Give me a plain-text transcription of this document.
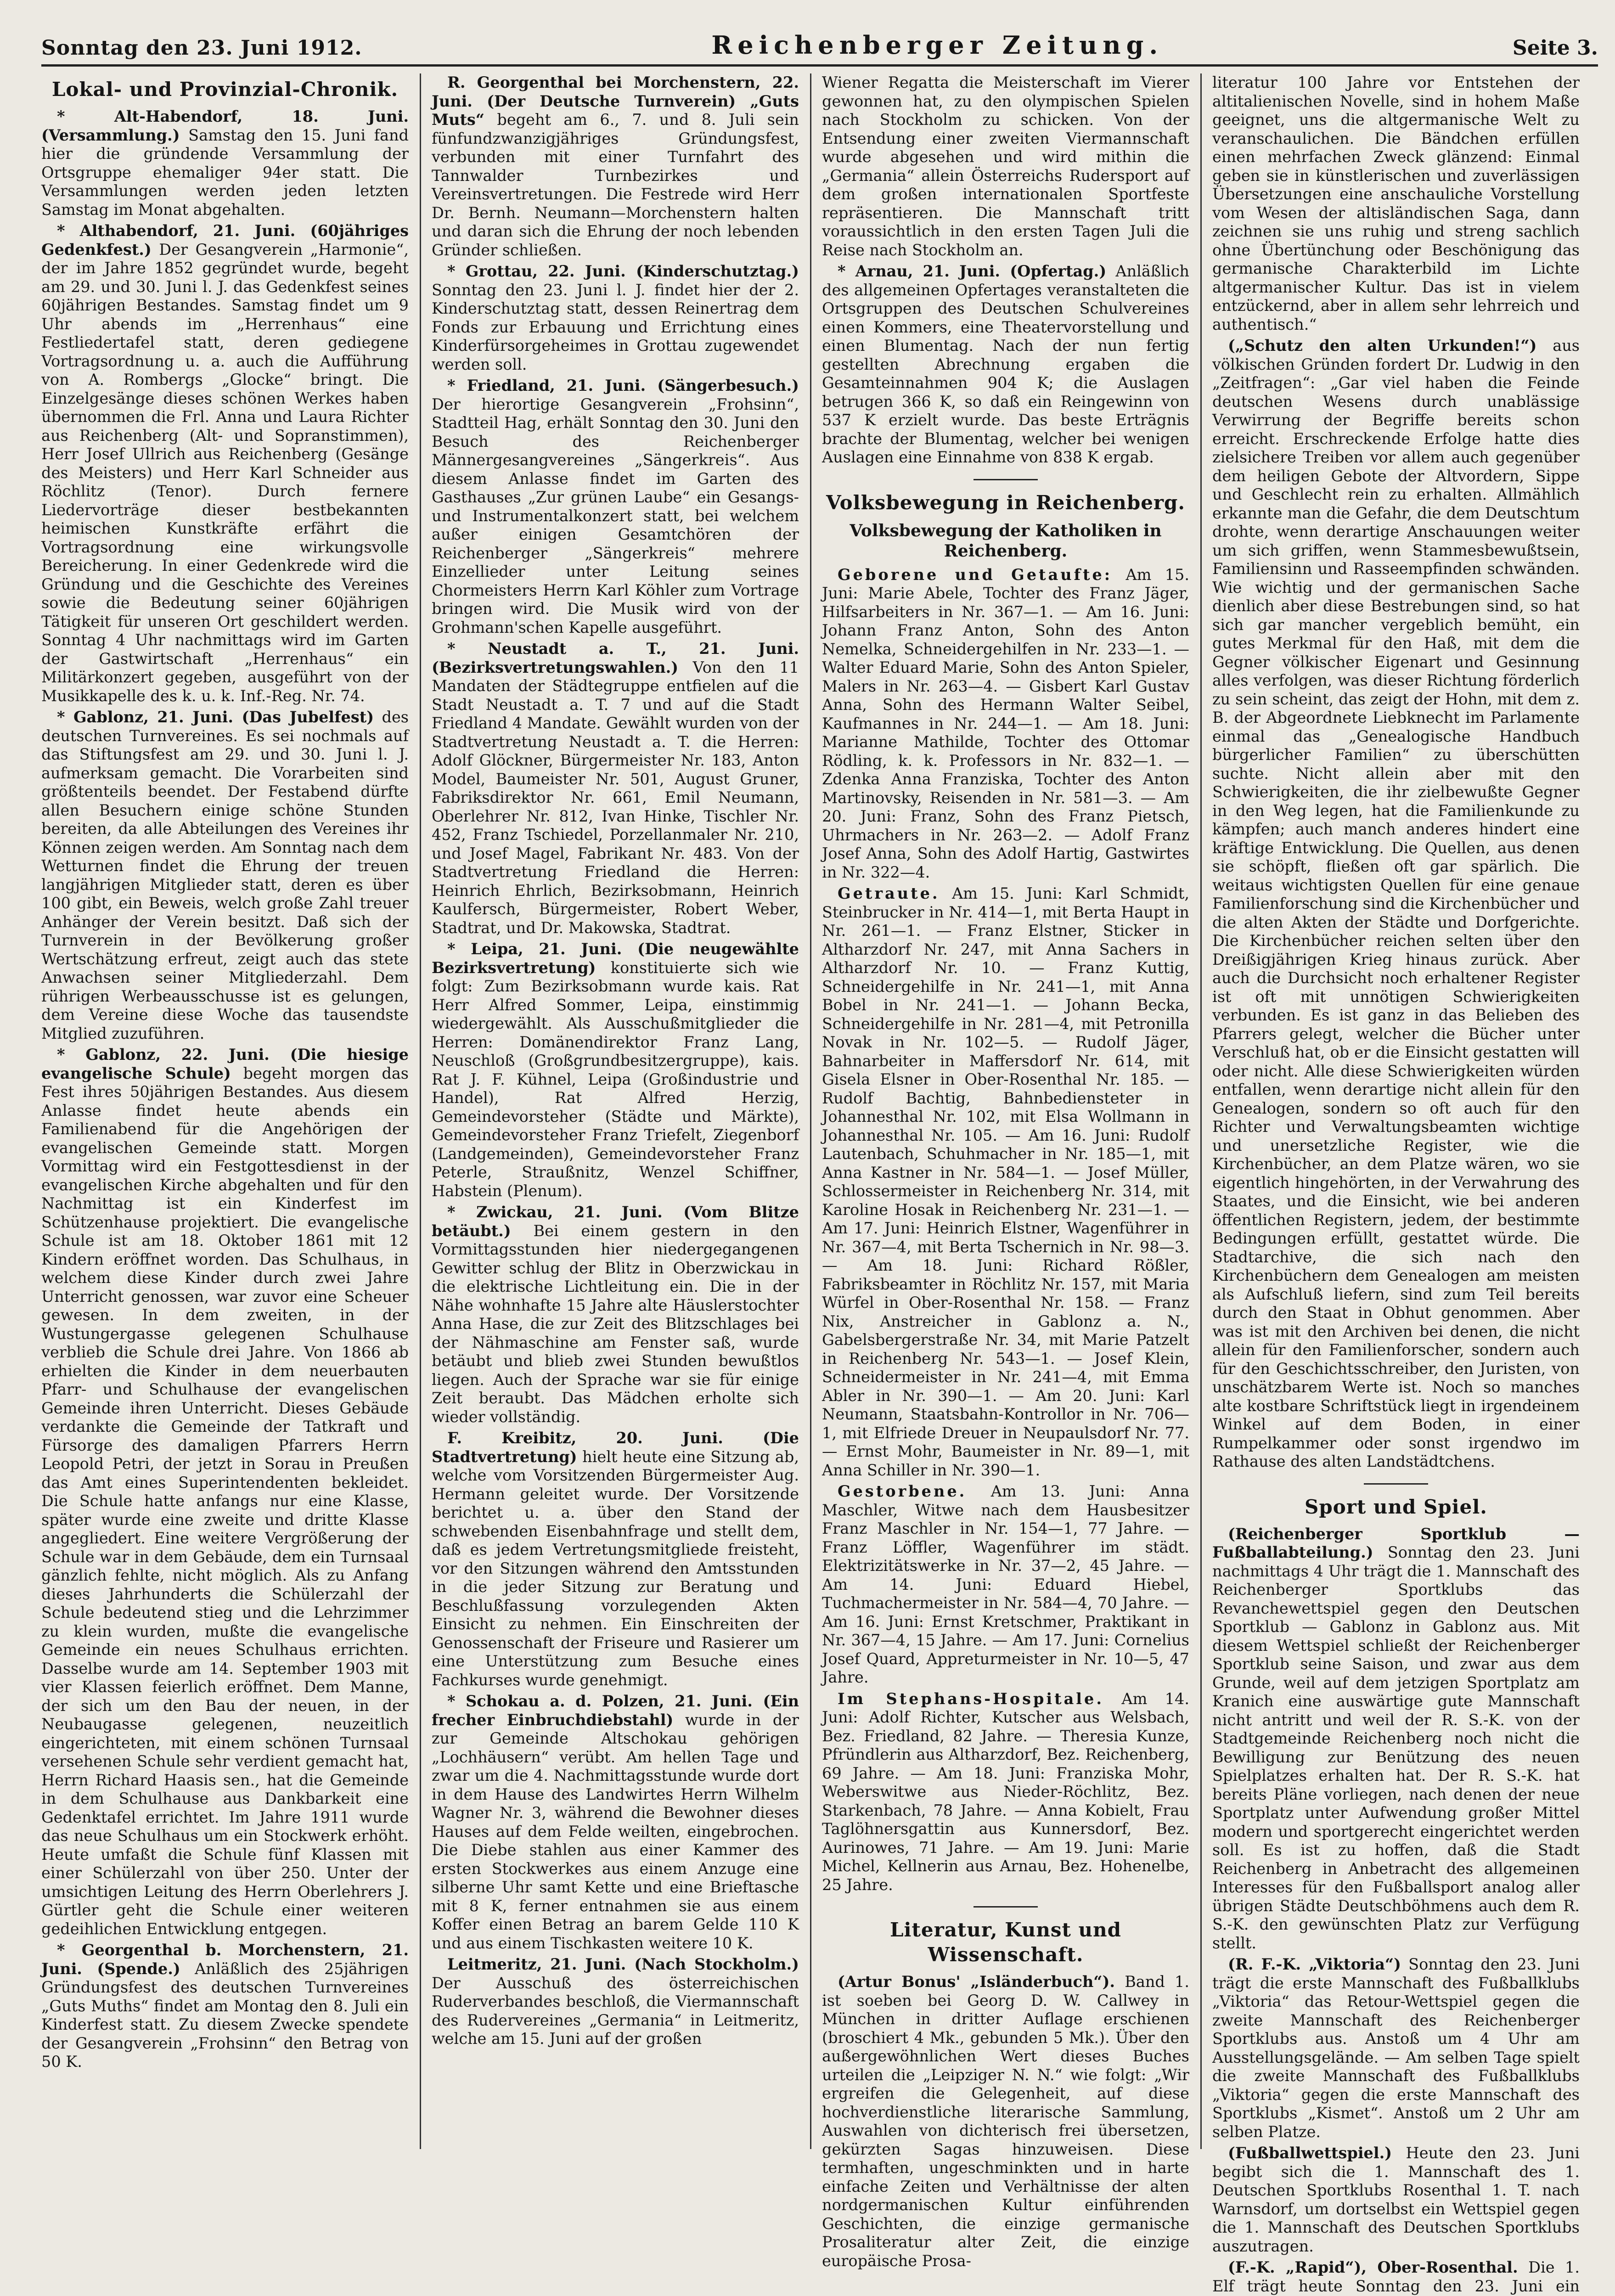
Sonntag den 23. Juni 1912.	Reichenberger Zeitung.	Seite 3.
Lokal- und Provinzial-Chronik.

* Alt-Habendorf, 18. Juni. (Versammlung.) Samstag den 15. Juni fand hier die gründende Versammlung der Ortsgruppe ehemaliger 94er statt. Die Versammlungen werden jeden letzten Samstag im Monat abgehalten.

* Althabendorf, 21. Juni. (60jähriges Gedenkfest.) Der Gesangverein „Harmonie“, der im Jahre 1852 gegründet wurde, begeht am 29. und 30. Juni l. J. das Gedenkfest seines 60jährigen Bestandes. Samstag findet um 9 Uhr abends im „Herrenhaus“ eine Festliedertafel statt, deren gediegene Vortragsordnung u. a. auch die Aufführung von A. Rombergs „Glocke“ bringt. Die Einzelgesänge dieses schönen Werkes haben übernommen die Frl. Anna und Laura Richter aus Reichenberg (Alt- und Sopranstimmen), Herr Josef Ullrich aus Reichenberg (Gesänge des Meisters) und Herr Karl Schneider aus Röchlitz (Tenor). Durch fernere Liedervorträge dieser bestbekannten heimischen Kunstkräfte erfährt die Vortragsordnung eine wirkungsvolle Bereicherung. In einer Gedenkrede wird die Gründung und die Geschichte des Vereines sowie die Bedeutung seiner 60jährigen Tätigkeit für unseren Ort geschildert werden. Sonntag 4 Uhr nachmittags wird im Garten der Gastwirtschaft „Herrenhaus“ ein Militärkonzert gegeben, ausgeführt von der Musikkapelle des k. u. k. Inf.-Reg. Nr. 74.

* Gablonz, 21. Juni. (Das Jubelfest) des deutschen Turnvereines. Es sei nochmals auf das Stiftungsfest am 29. und 30. Juni l. J. aufmerksam gemacht. Die Vorarbeiten sind größtenteils beendet. Der Festabend dürfte allen Besuchern einige schöne Stunden bereiten, da alle Abteilungen des Vereines ihr Können zeigen werden. Am Sonntag nach dem Wetturnen findet die Ehrung der treuen langjährigen Mitglieder statt, deren es über 100 gibt, ein Beweis, welch große Zahl treuer Anhänger der Verein besitzt. Daß sich der Turnverein in der Bevölkerung großer Wertschätzung erfreut, zeigt auch das stete Anwachsen seiner Mitgliederzahl. Dem rührigen Werbeausschusse ist es gelungen, dem Vereine diese Woche das tausendste Mitglied zuzuführen.

* Gablonz, 22. Juni. (Die hiesige evangelische Schule) begeht morgen das Fest ihres 50jährigen Bestandes. Aus diesem Anlasse findet heute abends ein Familienabend für die Angehörigen der evangelischen Gemeinde statt. Morgen Vormittag wird ein Festgottesdienst in der evangelischen Kirche abgehalten und für den Nachmittag ist ein Kinderfest im Schützenhause projektiert. Die evangelische Schule ist am 18. Oktober 1861 mit 12 Kindern eröffnet worden. Das Schulhaus, in welchem diese Kinder durch zwei Jahre Unterricht genossen, war zuvor eine Scheuer gewesen. In dem zweiten, in der Wustungergasse gelegenen Schulhause verblieb die Schule drei Jahre. Von 1866 ab erhielten die Kinder in dem neuerbauten Pfarr- und Schulhause der evangelischen Gemeinde ihren Unterricht. Dieses Gebäude verdankte die Gemeinde der Tatkraft und Fürsorge des damaligen Pfarrers Herrn Leopold Petri, der jetzt in Sorau in Preußen das Amt eines Superintendenten bekleidet. Die Schule hatte anfangs nur eine Klasse, später wurde eine zweite und dritte Klasse angegliedert. Eine weitere Vergrößerung der Schule war in dem Gebäude, dem ein Turnsaal gänzlich fehlte, nicht möglich. Als zu Anfang dieses Jahrhunderts die Schülerzahl der Schule bedeutend stieg und die Lehrzimmer zu klein wurden, mußte die evangelische Gemeinde ein neues Schulhaus errichten. Dasselbe wurde am 14. September 1903 mit vier Klassen feierlich eröffnet. Dem Manne, der sich um den Bau der neuen, in der Neubaugasse gelegenen, neuzeitlich eingerichteten, mit einem schönen Turnsaal versehenen Schule sehr verdient gemacht hat, Herrn Richard Haasis sen., hat die Gemeinde in dem Schulhause aus Dankbarkeit eine Gedenktafel errichtet. Im Jahre 1911 wurde das neue Schulhaus um ein Stockwerk erhöht. Heute umfaßt die Schule fünf Klassen mit einer Schülerzahl von über 250. Unter der umsichtigen Leitung des Herrn Oberlehrers J. Gürtler geht die Schule einer weiteren gedeihlichen Entwicklung entgegen.

* Georgenthal b. Morchenstern, 21. Juni. (Spende.) Anläßlich des 25jährigen Gründungsfest des deutschen Turnvereines „Guts Muths“ findet am Montag den 8. Juli ein Kinderfest statt. Zu diesem Zwecke spendete der Gesangverein „Frohsinn“ den Betrag von 50 K.

R. Georgenthal bei Morchenstern, 22. Juni. (Der Deutsche Turnverein) „Guts Muts“ begeht am 6., 7. und 8. Juli sein fünfundzwanzigjähriges Gründungsfest, verbunden mit einer Turnfahrt des Tannwalder Turnbezirkes und Vereinsvertretungen. Die Festrede wird Herr Dr. Bernh. Neumann—Morchenstern halten und daran sich die Ehrung der noch lebenden Gründer schließen.

* Grottau, 22. Juni. (Kinderschutztag.) Sonntag den 23. Juni l. J. findet hier der 2. Kinderschutztag statt, dessen Reinertrag dem Fonds zur Erbauung und Errichtung eines Kinderfürsorgeheimes in Grottau zugewendet werden soll.

* Friedland, 21. Juni. (Sängerbesuch.) Der hierortige Gesangverein „Frohsinn“, Stadtteil Hag, erhält Sonntag den 30. Juni den Besuch des Reichenberger Männergesangvereines „Sängerkreis“. Aus diesem Anlasse findet im Garten des Gasthauses „Zur grünen Laube“ ein Gesangs- und Instrumentalkonzert statt, bei welchem außer einigen Gesamtchören der Reichenberger „Sängerkreis“ mehrere Einzellieder unter Leitung seines Chormeisters Herrn Karl Köhler zum Vortrage bringen wird. Die Musik wird von der Grohmann'schen Kapelle ausgeführt.

* Neustadt a. T., 21. Juni. (Bezirksvertretungswahlen.) Von den 11 Mandaten der Städtegruppe entfielen auf die Stadt Neustadt a. T. 7 und auf die Stadt Friedland 4 Mandate. Gewählt wurden von der Stadtvertretung Neustadt a. T. die Herren: Adolf Glöckner, Bürgermeister Nr. 183, Anton Model, Baumeister Nr. 501, August Gruner, Fabriksdirektor Nr. 661, Emil Neumann, Oberlehrer Nr. 812, Ivan Hinke, Tischler Nr. 452, Franz Tschiedel, Porzellanmaler Nr. 210, und Josef Magel, Fabrikant Nr. 483. Von der Stadtvertretung Friedland die Herren: Heinrich Ehrlich, Bezirksobmann, Heinrich Kaulfersch, Bürgermeister, Robert Weber, Stadtrat, und Dr. Makowska, Stadtrat.

* Leipa, 21. Juni. (Die neugewählte Bezirksvertretung) konstituierte sich wie folgt: Zum Bezirksobmann wurde kais. Rat Herr Alfred Sommer, Leipa, einstimmig wiedergewählt. Als Ausschußmitglieder die Herren: Domänendirektor Franz Lang, Neuschloß (Großgrundbesitzergruppe), kais. Rat J. F. Kühnel, Leipa (Großindustrie und Handel), Rat Alfred Herzig, Gemeindevorsteher (Städte und Märkte), Gemeindevorsteher Franz Triefelt, Ziegenborf (Landgemeinden), Gemeindevorsteher Franz Peterle, Straußnitz, Wenzel Schiffner, Habstein (Plenum).

* Zwickau, 21. Juni. (Vom Blitze betäubt.) Bei einem gestern in den Vormittagsstunden hier niedergegangenen Gewitter schlug der Blitz in Oberzwickau in die elektrische Lichtleitung ein. Die in der Nähe wohnhafte 15 Jahre alte Häuslerstochter Anna Hase, die zur Zeit des Blitzschlages bei der Nähmaschine am Fenster saß, wurde betäubt und blieb zwei Stunden bewußtlos liegen. Auch der Sprache war sie für einige Zeit beraubt. Das Mädchen erholte sich wieder vollständig.

F. Kreibitz, 20. Juni. (Die Stadtvertretung) hielt heute eine Sitzung ab, welche vom Vorsitzenden Bürgermeister Aug. Hermann geleitet wurde. Der Vorsitzende berichtet u. a. über den Stand der schwebenden Eisenbahnfrage und stellt dem, daß es jedem Vertretungsmitgliede freisteht, vor den Sitzungen während den Amtsstunden in die jeder Sitzung zur Beratung und Beschlußfassung vorzulegenden Akten Einsicht zu nehmen. Ein Einschreiten der Genossenschaft der Friseure und Rasierer um eine Unterstützung zum Besuche eines Fachkurses wurde genehmigt.

* Schokau a. d. Polzen, 21. Juni. (Ein frecher Einbruchdiebstahl) wurde in der zur Gemeinde Altschokau gehörigen „Lochhäusern“ verübt. Am hellen Tage und zwar um die 4. Nachmittagsstunde wurde dort in dem Hause des Landwirtes Herrn Wilhelm Wagner Nr. 3, während die Bewohner dieses Hauses auf dem Felde weilten, eingebrochen. Die Diebe stahlen aus einer Kammer des ersten Stockwerkes aus einem Anzuge eine silberne Uhr samt Kette und eine Brieftasche mit 8 K, ferner entnahmen sie aus einem Koffer einen Betrag an barem Gelde 110 K und aus einem Tischkasten weitere 10 K.

Leitmeritz, 21. Juni. (Nach Stockholm.) Der Ausschuß des österreichischen Ruderverbandes beschloß, die Viermannschaft des Rudervereines „Germania“ in Leitmeritz, welche am 15. Juni auf der großen

Wiener Regatta die Meisterschaft im Vierer gewonnen hat, zu den olympischen Spielen nach Stockholm zu schicken. Von der Entsendung einer zweiten Viermannschaft wurde abgesehen und wird mithin die „Germania“ allein Österreichs Rudersport auf dem großen internationalen Sportfeste repräsentieren. Die Mannschaft tritt voraussichtlich in den ersten Tagen Juli die Reise nach Stockholm an.

* Arnau, 21. Juni. (Opfertag.) Anläßlich des allgemeinen Opfertages veranstalteten die Ortsgruppen des Deutschen Schulvereines einen Kommers, eine Theatervorstellung und einen Blumentag. Nach der nun fertig gestellten Abrechnung ergaben die Gesamteinnahmen 904 K; die Auslagen betrugen 366 K, so daß ein Reingewinn von 537 K erzielt wurde. Das beste Erträgnis brachte der Blumentag, welcher bei wenigen Auslagen eine Einnahme von 838 K ergab.

Volksbewegung in Reichenberg.
Volksbewegung der Katholiken in Reichenberg.

Geborene und Getaufte: Am 15. Juni: Marie Abele, Tochter des Franz Jäger, Hilfsarbeiters in Nr. 367—1. — Am 16. Juni: Johann Franz Anton, Sohn des Anton Nemelka, Schneidergehilfen in Nr. 233—1. — Walter Eduard Marie, Sohn des Anton Spieler, Malers in Nr. 263—4. — Gisbert Karl Gustav Anna, Sohn des Hermann Walter Seibel, Kaufmannes in Nr. 244—1. — Am 18. Juni: Marianne Mathilde, Tochter des Ottomar Rödling, k. k. Professors in Nr. 832—1. — Zdenka Anna Franziska, Tochter des Anton Martinovsky, Reisenden in Nr. 581—3. — Am 20. Juni: Franz, Sohn des Franz Pietsch, Uhrmachers in Nr. 263—2. — Adolf Franz Josef Anna, Sohn des Adolf Hartig, Gastwirtes in Nr. 322—4.

Getraute. Am 15. Juni: Karl Schmidt, Steinbrucker in Nr. 414—1, mit Berta Haupt in Nr. 261—1. — Franz Elstner, Sticker in Altharzdorf Nr. 247, mit Anna Sachers in Altharzdorf Nr. 10. — Franz Kuttig, Schneidergehilfe in Nr. 241—1, mit Anna Bobel in Nr. 241—1. — Johann Becka, Schneidergehilfe in Nr. 281—4, mit Petronilla Novak in Nr. 102—5. — Rudolf Jäger, Bahnarbeiter in Maffersdorf Nr. 614, mit Gisela Elsner in Ober-Rosenthal Nr. 185. — Rudolf Bachtig, Bahnbediensteter in Johannesthal Nr. 102, mit Elsa Wollmann in Johannesthal Nr. 105. — Am 16. Juni: Rudolf Lautenbach, Schuhmacher in Nr. 185—1, mit Anna Kastner in Nr. 584—1. — Josef Müller, Schlossermeister in Reichenberg Nr. 314, mit Karoline Hosak in Reichenberg Nr. 231—1. — Am 17. Juni: Heinrich Elstner, Wagenführer in Nr. 367—4, mit Berta Tschernich in Nr. 98—3. — Am 18. Juni: Richard Rößler, Fabriksbeamter in Röchlitz Nr. 157, mit Maria Würfel in Ober-Rosenthal Nr. 158. — Franz Nix, Anstreicher in Gablonz a. N., Gabelsbergerstraße Nr. 34, mit Marie Patzelt in Reichenberg Nr. 543—1. — Josef Klein, Schneidermeister in Nr. 241—4, mit Emma Abler in Nr. 390—1. — Am 20. Juni: Karl Neumann, Staatsbahn-Kontrollor in Nr. 706—1, mit Elfriede Dreuer in Neupaulsdorf Nr. 77. — Ernst Mohr, Baumeister in Nr. 89—1, mit Anna Schiller in Nr. 390—1.

Gestorbene. Am 13. Juni: Anna Maschler, Witwe nach dem Hausbesitzer Franz Maschler in Nr. 154—1, 77 Jahre. — Franz Löffler, Wagenführer im städt. Elektrizitätswerke in Nr. 37—2, 45 Jahre. — Am 14. Juni: Eduard Hiebel, Tuchmachermeister in Nr. 584—4, 70 Jahre. — Am 16. Juni: Ernst Kretschmer, Praktikant in Nr. 367—4, 15 Jahre. — Am 17. Juni: Cornelius Josef Quard, Appreturmeister in Nr. 10—5, 47 Jahre.

Im Stephans-Hospitale. Am 14. Juni: Adolf Richter, Kutscher aus Welsbach, Bez. Friedland, 82 Jahre. — Theresia Kunze, Pfründlerin aus Altharzdorf, Bez. Reichenberg, 69 Jahre. — Am 18. Juni: Franziska Mohr, Weberswitwe aus Nieder-Röchlitz, Bez. Starkenbach, 78 Jahre. — Anna Kobielt, Frau Taglöhnersgattin aus Kunnersdorf, Bez. Aurinowes, 71 Jahre. — Am 19. Juni: Marie Michel, Kellnerin aus Arnau, Bez. Hohenelbe, 25 Jahre.

Literatur, Kunst und Wissenschaft.

(Artur Bonus' „Isländerbuch“). Band 1. ist soeben bei Georg D. W. Callwey in München in dritter Auflage erschienen (broschiert 4 Mk., gebunden 5 Mk.). Über den außergewöhnlichen Wert dieses Buches urteilen die „Leipziger N. N.“ wie folgt: „Wir ergreifen die Gelegenheit, auf diese hochverdienstliche literarische Sammlung, Auswahlen von dichterisch frei übersetzen, gekürzten Sagas hinzuweisen. Diese termhaften, ungeschminkten und in harte einfache Zeiten und Verhältnisse der alten nordgermanischen Kultur einführenden Geschichten, die einzige germanische Prosaliteratur alter Zeit, die einzige europäische Prosa-

literatur 100 Jahre vor Entstehen der altitalienischen Novelle, sind in hohem Maße geeignet, uns die altgermanische Welt zu veranschaulichen. Die Bändchen erfüllen einen mehrfachen Zweck glänzend: Einmal geben sie in künstlerischen und zuverlässigen Übersetzungen eine anschauliche Vorstellung vom Wesen der altisländischen Saga, dann zeichnen sie uns ruhig und streng sachlich ohne Übertünchung oder Beschönigung das germanische Charakterbild im Lichte altgermanischer Kultur. Das ist in vielem entzückernd, aber in allem sehr lehrreich und authentisch.“

(„Schutz den alten Urkunden!“) aus völkischen Gründen fordert Dr. Ludwig in den „Zeitfragen“: „Gar viel haben die Feinde deutschen Wesens durch unablässige Verwirrung der Begriffe bereits schon erreicht. Erschreckende Erfolge hatte dies zielsichere Treiben vor allem auch gegenüber dem heiligen Gebote der Altvordern, Sippe und Geschlecht rein zu erhalten. Allmählich erkannte man die Gefahr, die dem Deutschtum drohte, wenn derartige Anschauungen weiter um sich griffen, wenn Stammesbewußtsein, Familiensinn und Rasseempfinden schwänden. Wie wichtig und der germanischen Sache dienlich aber diese Bestrebungen sind, so hat sich gar mancher vergeblich bemüht, ein gutes Merkmal für den Haß, mit dem die Gegner völkischer Eigenart und Gesinnung alles verfolgen, was dieser Richtung förderlich zu sein scheint, das zeigt der Hohn, mit dem z. B. der Abgeordnete Liebknecht im Parlamente einmal das „Genealogische Handbuch bürgerlicher Familien“ zu überschütten suchte. Nicht allein aber mit den Schwierigkeiten, die ihr zielbewußte Gegner in den Weg legen, hat die Familienkunde zu kämpfen; auch manch anderes hindert eine kräftige Entwicklung. Die Quellen, aus denen sie schöpft, fließen oft gar spärlich. Die weitaus wichtigsten Quellen für eine genaue Familienforschung sind die Kirchenbücher und die alten Akten der Städte und Dorfgerichte. Die Kirchenbücher reichen selten über den Dreißigjährigen Krieg hinaus zurück. Aber auch die Durchsicht noch erhaltener Register ist oft mit unnötigen Schwierigkeiten verbunden. Es ist ganz in das Belieben des Pfarrers gelegt, welcher die Bücher unter Verschluß hat, ob er die Einsicht gestatten will oder nicht. Alle diese Schwierigkeiten würden entfallen, wenn derartige nicht allein für den Genealogen, sondern so oft auch für den Richter und Verwaltungsbeamten wichtige und unersetzliche Register, wie die Kirchenbücher, an dem Platze wären, wo sie eigentlich hingehörten, in der Verwahrung des Staates, und die Einsicht, wie bei anderen öffentlichen Registern, jedem, der bestimmte Bedingungen erfüllt, gestattet würde. Die Stadtarchive, die sich nach den Kirchenbüchern dem Genealogen am meisten als Aufschluß liefern, sind zum Teil bereits durch den Staat in Obhut genommen. Aber was ist mit den Archiven bei denen, die nicht allein für den Familienforscher, sondern auch für den Geschichtsschreiber, den Juristen, von unschätzbarem Werte ist. Noch so manches alte kostbare Schriftstück liegt in irgendeinem Winkel auf dem Boden, in einer Rumpelkammer oder sonst irgendwo im Rathause des alten Landstädtchens.

Sport und Spiel.

(Reichenberger Sportklub — Fußballabteilung.) Sonntag den 23. Juni nachmittags 4 Uhr trägt die 1. Mannschaft des Reichenberger Sportklubs das Revanchewettspiel gegen den Deutschen Sportklub — Gablonz in Gablonz aus. Mit diesem Wettspiel schließt der Reichenberger Sportklub seine Saison, und zwar aus dem Grunde, weil auf dem jetzigen Sportplatz am Kranich eine auswärtige gute Mannschaft nicht antritt und weil der R. S.-K. von der Stadtgemeinde Reichenberg noch nicht die Bewilligung zur Benützung des neuen Spielplatzes erhalten hat. Der R. S.-K. hat bereits Pläne vorliegen, nach denen der neue Sportplatz unter Aufwendung großer Mittel modern und sportgerecht eingerichtet werden soll. Es ist zu hoffen, daß die Stadt Reichenberg in Anbetracht des allgemeinen Interesses für den Fußballsport analog aller übrigen Städte Deutschböhmens auch dem R. S.-K. den gewünschten Platz zur Verfügung stellt.

(R. F.-K. „Viktoria“) Sonntag den 23. Juni trägt die erste Mannschaft des Fußballklubs „Viktoria“ das Retour-Wettspiel gegen die zweite Mannschaft des Reichenberger Sportklubs aus. Anstoß um 4 Uhr am Ausstellungsgelände. — Am selben Tage spielt die zweite Mannschaft des Fußballklubs „Viktoria“ gegen die erste Mannschaft des Sportklubs „Kismet“. Anstoß um 2 Uhr am selben Platze.

(Fußballwettspiel.) Heute den 23. Juni begibt sich die 1. Mannschaft des 1. Deutschen Sportklubs Rosenthal 1. T. nach Warnsdorf, um dortselbst ein Wettspiel gegen die 1. Mannschaft des Deutschen Sportklubs auszutragen.

(F.-K. „Rapid“), Ober-Rosenthal. Die 1. Elf trägt heute Sonntag den 23. Juni ein
